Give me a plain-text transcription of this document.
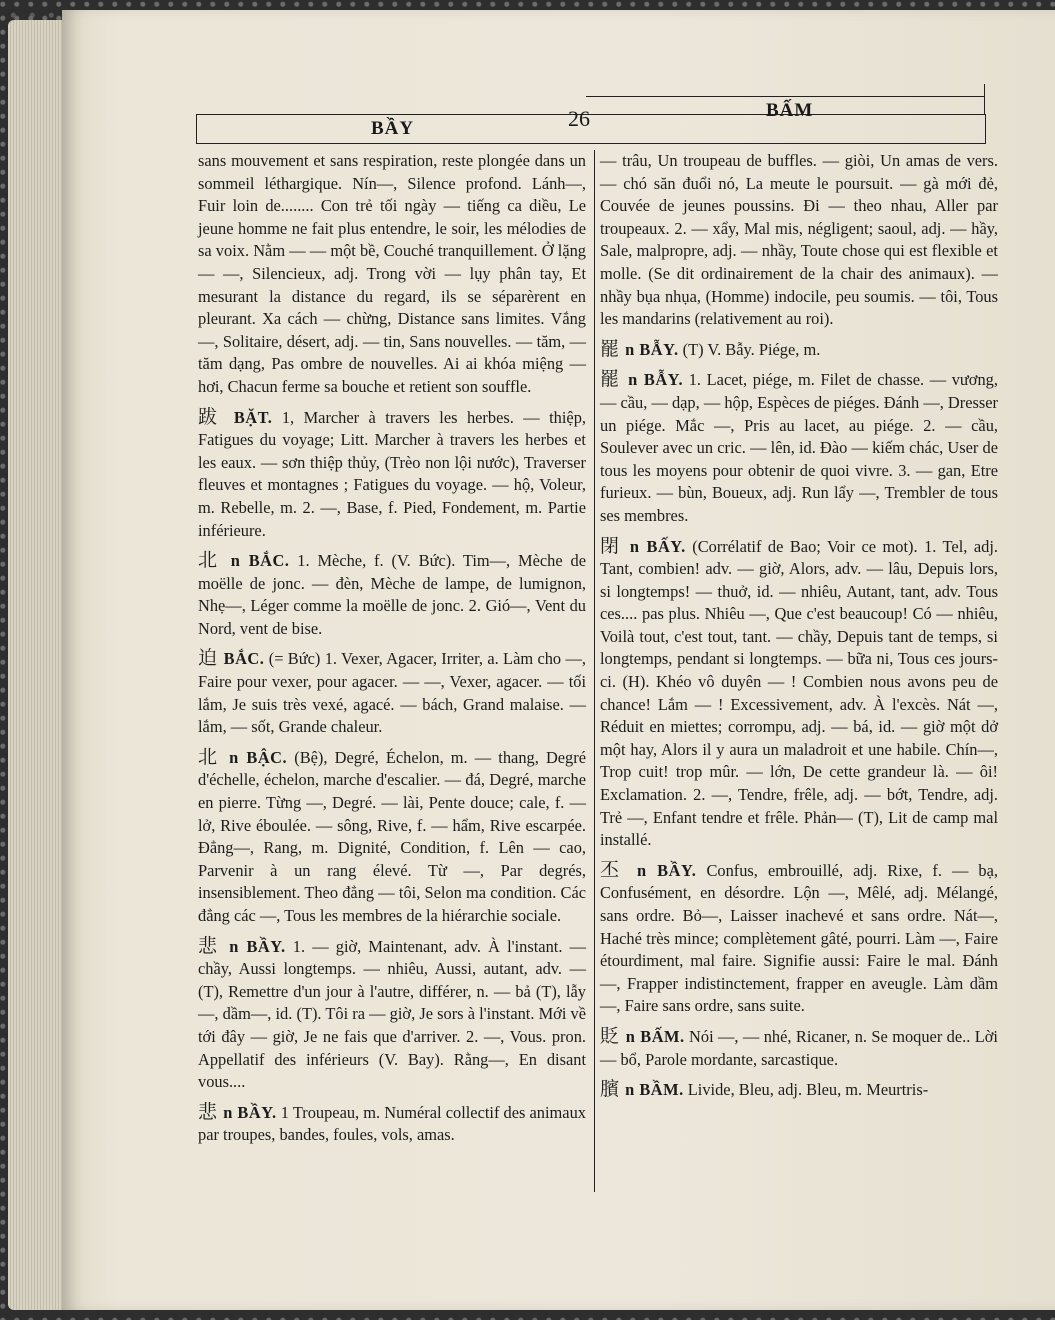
BẦY	26	BẤM

sans mouvement et sans respiration, reste plongée dans un sommeil léthargique. Nín—, Silence profond. Lánh—, Fuir loin de........ Con trẻ tối ngày — tiếng ca diều, Le jeune homme ne fait plus entendre, le soir, les mélodies de sa voix. Nằm — — một bề, Couché tranquillement. Ở lặng — —, Silencieux, adj. Trong vời — lụy phân tay, Et mesurant la distance du regard, ils se séparèrent en pleurant. Xa cách — chừng, Distance sans limites. Vắng —, Solitaire, désert, adj. — tin, Sans nouvelles. — tăm, — tăm dạng, Pas ombre de nouvelles. Ai ai khóa miệng — hơi, Chacun ferme sa bouche et retient son souffle.

跋 BẶT. 1, Marcher à travers les herbes. — thiệp, Fatigues du voyage; Litt. Marcher à travers les herbes et les eaux. — sơn thiệp thủy, (Trèo non lội nước), Traverser fleuves et montagnes ; Fatigues du voyage. — hộ, Voleur, m. Rebelle, m. 2. —, Base, f. Pied, Fondement, m. Partie inférieure.

北 n BẮC. 1. Mèche, f. (V. Bức). Tim—, Mèche de moëlle de jonc. — đèn, Mèche de lampe, de lumignon, Nhẹ—, Léger comme la moëlle de jonc. 2. Gió—, Vent du Nord, vent de bise.

迫 BẮC. (= Bức) 1. Vexer, Agacer, Irriter, a. Làm cho —, Faire pour vexer, pour agacer. — —, Vexer, agacer. — tối lắm, Je suis très vexé, agacé. — bách, Grand malaise. — lắm, — sốt, Grande chaleur.

北 n BẬC. (Bệ), Degré, Échelon, m. — thang, Degré d'échelle, échelon, marche d'escalier. — đá, Degré, marche en pierre. Từng —, Degré. — lài, Pente douce; cale, f. — lở, Rive éboulée. — sông, Rive, f. — hẩm, Rive escarpée. Đẳng—, Rang, m. Dignité, Condition, f. Lên — cao, Parvenir à un rang élevé. Từ —, Par degrés, insensiblement. Theo đẳng — tôi, Selon ma condition. Các đẳng các —, Tous les membres de la hiérarchie sociale.

悲 n BẦY. 1. — giờ, Maintenant, adv. À l'instant. — chầy, Aussi longtemps. — nhiêu, Aussi, autant, adv. — (T), Remettre d'un jour à l'autre, différer, n. — bả (T), lẫy—, dầm—, id. (T). Tôi ra — giờ, Je sors à l'instant. Mới về tới đây — giờ, Je ne fais que d'arriver. 2. —, Vous. pron. Appellatif des inférieurs (V. Bay). Rằng—, En disant vous....

悲 n BẦY. 1 Troupeau, m. Numéral collectif des animaux par troupes, bandes, foules, vols, amas.

— trâu, Un troupeau de buffles. — giòi, Un amas de vers. — chó săn đuổi nó, La meute le poursuit. — gà mới đẻ, Couvée de jeunes poussins. Đi — theo nhau, Aller par troupeaux. 2. — xẩy, Mal mis, négligent; saoul, adj. — hầy, Sale, malpropre, adj. — nhầy, Toute chose qui est flexible et molle. (Se dit ordinairement de la chair des animaux). — nhầy bụa nhụa, (Homme) indocile, peu soumis. — tôi, Tous les mandarins (relativement au roi).

罷 n BẪY. (T) V. Bẫy. Piége, m.

罷 n BẪY. 1. Lacet, piége, m. Filet de chasse. — vương, — cầu, — dạp, — hộp, Espèces de piéges. Đánh —, Dresser un piége. Mắc —, Pris au lacet, au piége. 2. — cầu, Soulever avec un cric. — lên, id. Đào — kiếm chác, User de tous les moyens pour obtenir de quoi vivre. 3. — gan, Etre furieux. — bùn, Boueux, adj. Run lẩy —, Trembler de tous ses membres.

閉 n BẤY. (Corrélatif de Bao; Voir ce mot). 1. Tel, adj. Tant, combien! adv. — giờ, Alors, adv. — lâu, Depuis lors, si longtemps! — thuở, id. — nhiêu, Autant, tant, adv. Tous ces.... pas plus. Nhiêu —, Que c'est beaucoup! Có — nhiêu, Voilà tout, c'est tout, tant. — chầy, Depuis tant de temps, si longtemps, pendant si longtemps. — bữa ni, Tous ces jours-ci. (H). Khéo vô duyên — ! Combien nous avons peu de chance! Lắm — ! Excessivement, adv. À l'excès. Nát —, Réduit en miettes; corrompu, adj. — bá, id. — giờ một dở một hay, Alors il y aura un maladroit et une habile. Chín—, Trop cuit! trop mûr. — lớn, De cette grandeur là. — ôi! Exclamation. 2. —, Tendre, frêle, adj. — bớt, Tendre, adj. Trẻ —, Enfant tendre et frêle. Phản— (T), Lit de camp mal installé.

丕 n BẦY. Confus, embrouillé, adj. Rixe, f. — bạ, Confusément, en désordre. Lộn —, Mêlé, adj. Mélangé, sans ordre. Bỏ—, Laisser inachevé et sans ordre. Nát—, Haché très mince; complètement gâté, pourri. Làm —, Faire étourdiment, mal faire. Signifie aussi: Faire le mal. Đánh —, Frapper indistinctement, frapper en aveugle. Làm dầm —, Faire sans ordre, sans suite.

貶 n BẤM. Nói —, — nhé, Ricaner, n. Se moquer de.. Lời— bổ, Parole mordante, sarcastique.

臏 n BẦM. Livide, Bleu, adj. Bleu, m. Meurtris-
